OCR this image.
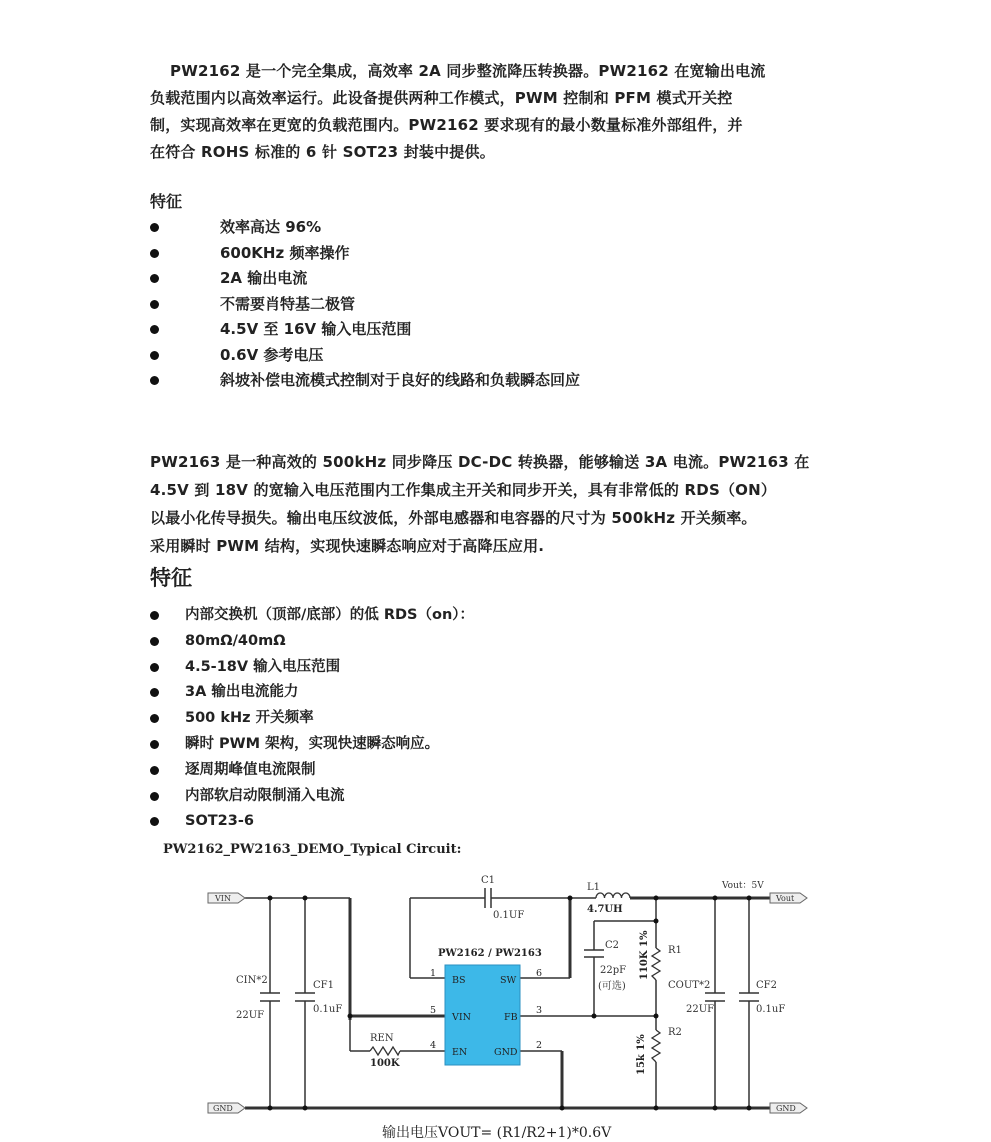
PW2162 是一个完全集成，高效率 2A 同步整流降压转换器。PW2162 在宽输出电流
负载范围内以高效率运行。此设备提供两种工作模式，PWM 控制和 PFM 模式开关控
制，实现高效率在更宽的负载范围内。PW2162 要求现有的最小数量标准外部组件，并
在符合 ROHS 标准的 6 针 SOT23 封装中提供。

特征
效率高达 96%
600KHz 频率操作
2A 输出电流
不需要肖特基二极管
4.5V 至 16V 输入电压范围
0.6V 参考电压
斜坡补偿电流模式控制对于良好的线路和负载瞬态回应

PW2163 是一种高效的 500kHz 同步降压 DC-DC 转换器，能够输送 3A 电流。PW2163 在
4.5V 到 18V 的宽输入电压范围内工作集成主开关和同步开关，具有非常低的 RDS（ON）
以最小化传导损失。输出电压纹波低，外部电感器和电容器的尺寸为 500kHz 开关频率。
采用瞬时 PWM 结构，实现快速瞬态响应对于高降压应用.

特征
内部交换机（顶部/底部）的低 RDS（on）：
80mΩ/40mΩ
4.5-18V 输入电压范围
3A 输出电流能力
500 kHz 开关频率
瞬时 PWM 架构，实现快速瞬态响应。
逐周期峰值电流限制
内部软启动限制涌入电流
SOT23-6

PW2162_PW2163_DEMO_Typical Circuit:

PW2162 / PW2163
BS	SW
VIN	FB
EN	GND
1	6
5	3
4	2
VIN
GND
Vout
GND
Vout：5V
C1
0.1UF
L1
4.7UH
C2
22pF
(可选)
R1
110K 1%
R2
15k 1%
CIN*2
22UF
CF1
0.1uF
COUT*2
22UF
CF2
0.1uF
REN
100K

输出电压VOUT= (R1/R2+1)*0.6V
